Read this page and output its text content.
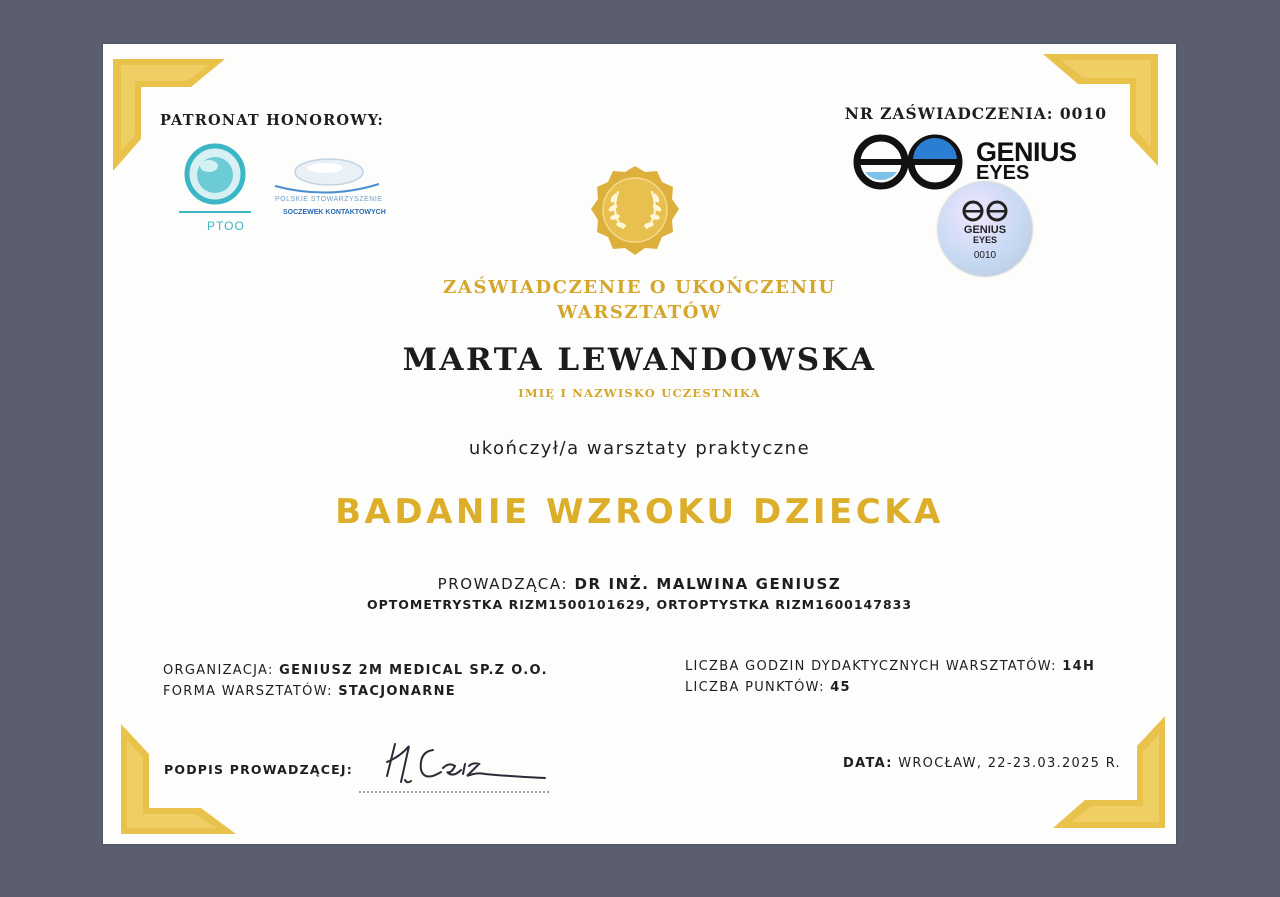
PATRONAT HONOROWY:
PTOO
POLSKIE STOWARZYSZENIE
SOCZEWEK KONTAKTOWYCH
NR ZAŚWIADCZENIA: 0010
GENIUS
EYES
GENIUS
EYES
0010
ZAŚWIADCZENIE O UKOŃCZENIU
WARSZTATÓW
MARTA LEWANDOWSKA
IMIĘ I NAZWISKO UCZESTNIKA
ukończył/a warsztaty praktyczne
BADANIE WZROKU DZIECKA
PROWADZĄCA: DR INŻ. MALWINA GENIUSZ
OPTOMETRYSTKA RIZM1500101629, ORTOPTYSTKA RIZM1600147833
ORGANIZACJA: GENIUSZ 2M MEDICAL SP.Z O.O.
FORMA WARSZTATÓW: STACJONARNE
LICZBA GODZIN DYDAKTYCZNYCH WARSZTATÓW: 14H
LICZBA PUNKTÓW: 45
PODPIS PROWADZĄCEJ:	DATA: WROCŁAW, 22-23.03.2025 R.
